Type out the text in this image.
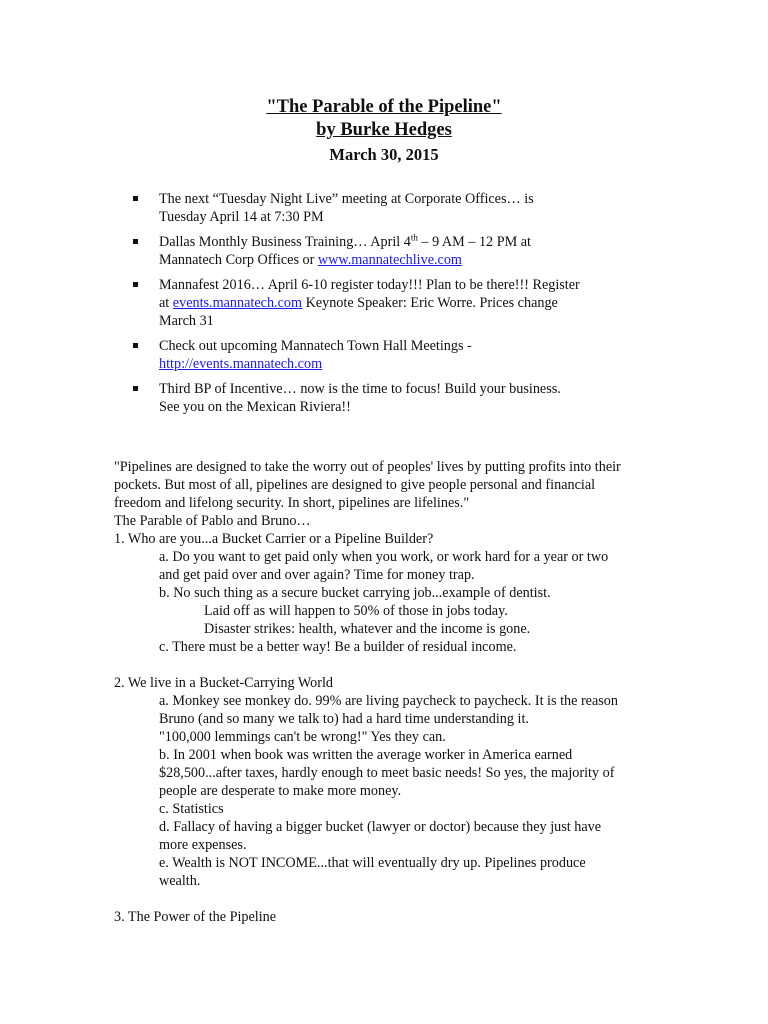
"The Parable of the Pipeline"
by Burke Hedges
March 30, 2015
The next “Tuesday Night Live” meeting at Corporate Offices… is
Tuesday April 14 at 7:30 PM
Dallas Monthly Business Training… April 4th – 9 AM – 12 PM at
Mannatech Corp Offices or www.mannatechlive.com
Mannafest 2016… April 6-10 register today!!! Plan to be there!!! Register
at events.mannatech.com Keynote Speaker: Eric Worre. Prices change
March 31
Check out upcoming Mannatech Town Hall Meetings -
http://events.mannatech.com
Third BP of Incentive… now is the time to focus! Build your business.
See you on the Mexican Riviera!!
"Pipelines are designed to take the worry out of peoples' lives by putting profits into their
pockets. But most of all, pipelines are designed to give people personal and financial
freedom and lifelong security. In short, pipelines are lifelines."
The Parable of Pablo and Bruno…
1. Who are you...a Bucket Carrier or a Pipeline Builder?
a. Do you want to get paid only when you work, or work hard for a year or two
and get paid over and over again? Time for money trap.
b. No such thing as a secure bucket carrying job...example of dentist.
Laid off as will happen to 50% of those in jobs today.
Disaster strikes: health, whatever and the income is gone.
c. There must be a better way! Be a builder of residual income.
2. We live in a Bucket-Carrying World
a. Monkey see monkey do. 99% are living paycheck to paycheck. It is the reason
Bruno (and so many we talk to) had a hard time understanding it.
"100,000 lemmings can't be wrong!" Yes they can.
b. In 2001 when book was written the average worker in America earned
$28,500...after taxes, hardly enough to meet basic needs! So yes, the majority of
people are desperate to make more money.
c. Statistics
d. Fallacy of having a bigger bucket (lawyer or doctor) because they just have
more expenses.
e. Wealth is NOT INCOME...that will eventually dry up. Pipelines produce
wealth.
3. The Power of the Pipeline
